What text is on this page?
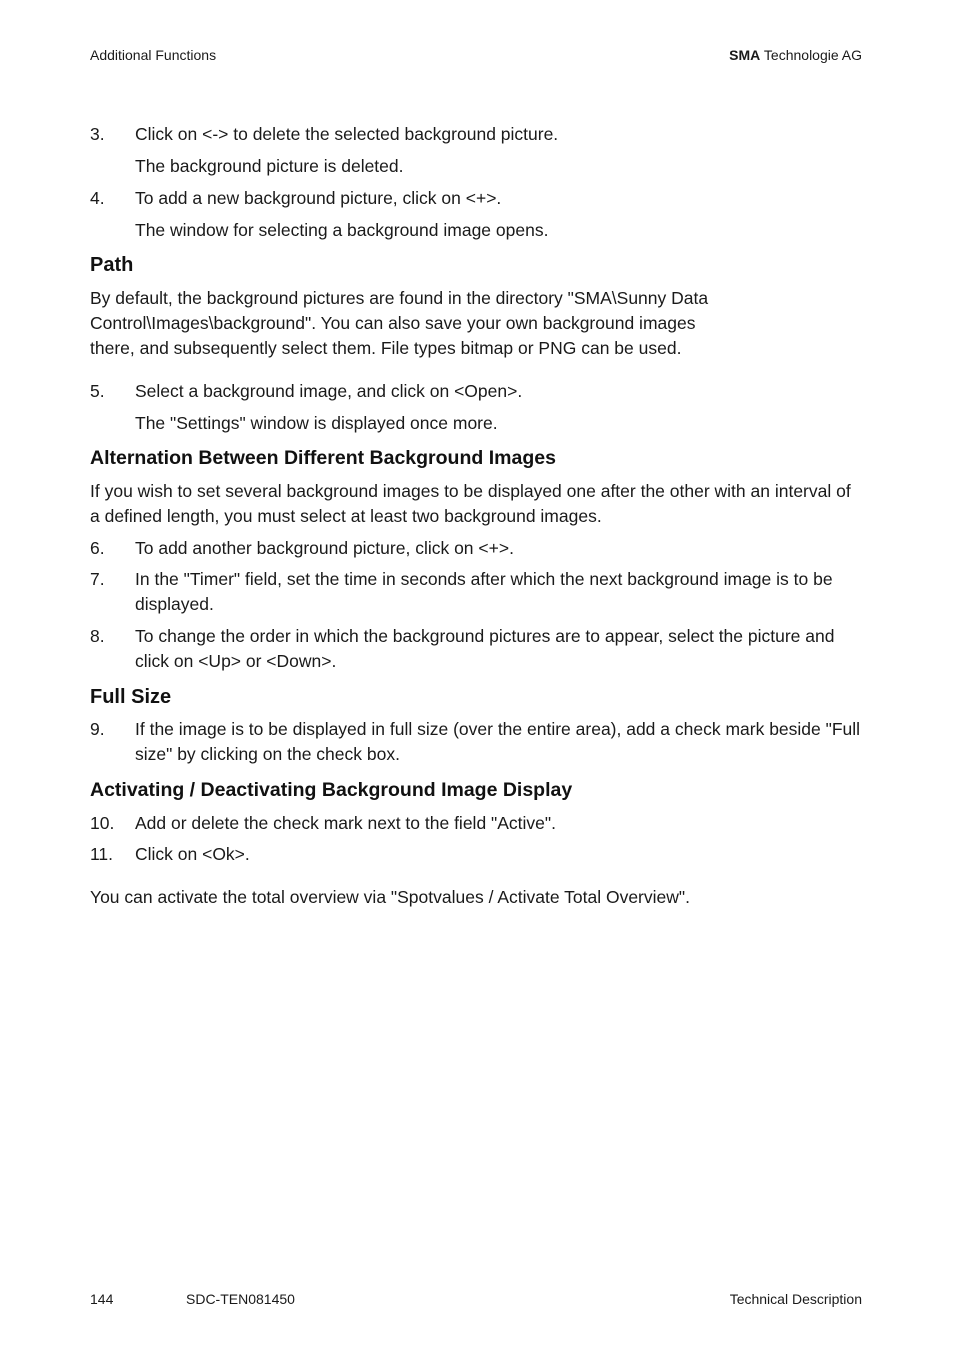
Additional Functions	SMA Technologie AG
3.	Click on <-> to delete the selected background picture.
The background picture is deleted.
4.	To add a new background picture, click on <+>.
The window for selecting a background image opens.
Path
By default, the background pictures are found in the directory "SMA\Sunny Data Control\Images\background". You can also save your own background images there, and subsequently select them. File types bitmap or PNG can be used.
5.	Select a background image, and click on <Open>.
The "Settings" window is displayed once more.
Alternation Between Different Background Images
If you wish to set several background images to be displayed one after the other with an interval of a defined length, you must select at least two background images.
6.	To add another background picture, click on <+>.
7.	In the "Timer" field, set the time in seconds after which the next background image is to be displayed.
8.	To change the order in which the background pictures are to appear, select the picture and click on <Up> or <Down>.
Full Size
9.	If the image is to be displayed in full size (over the entire area), add a check mark beside "Full size" by clicking on the check box.
Activating / Deactivating Background Image Display
10.	Add or delete the check mark next to the field "Active".
11.	Click on <Ok>.
You can activate the total overview via "Spotvalues / Activate Total Overview".
144	SDC-TEN081450	Technical Description
